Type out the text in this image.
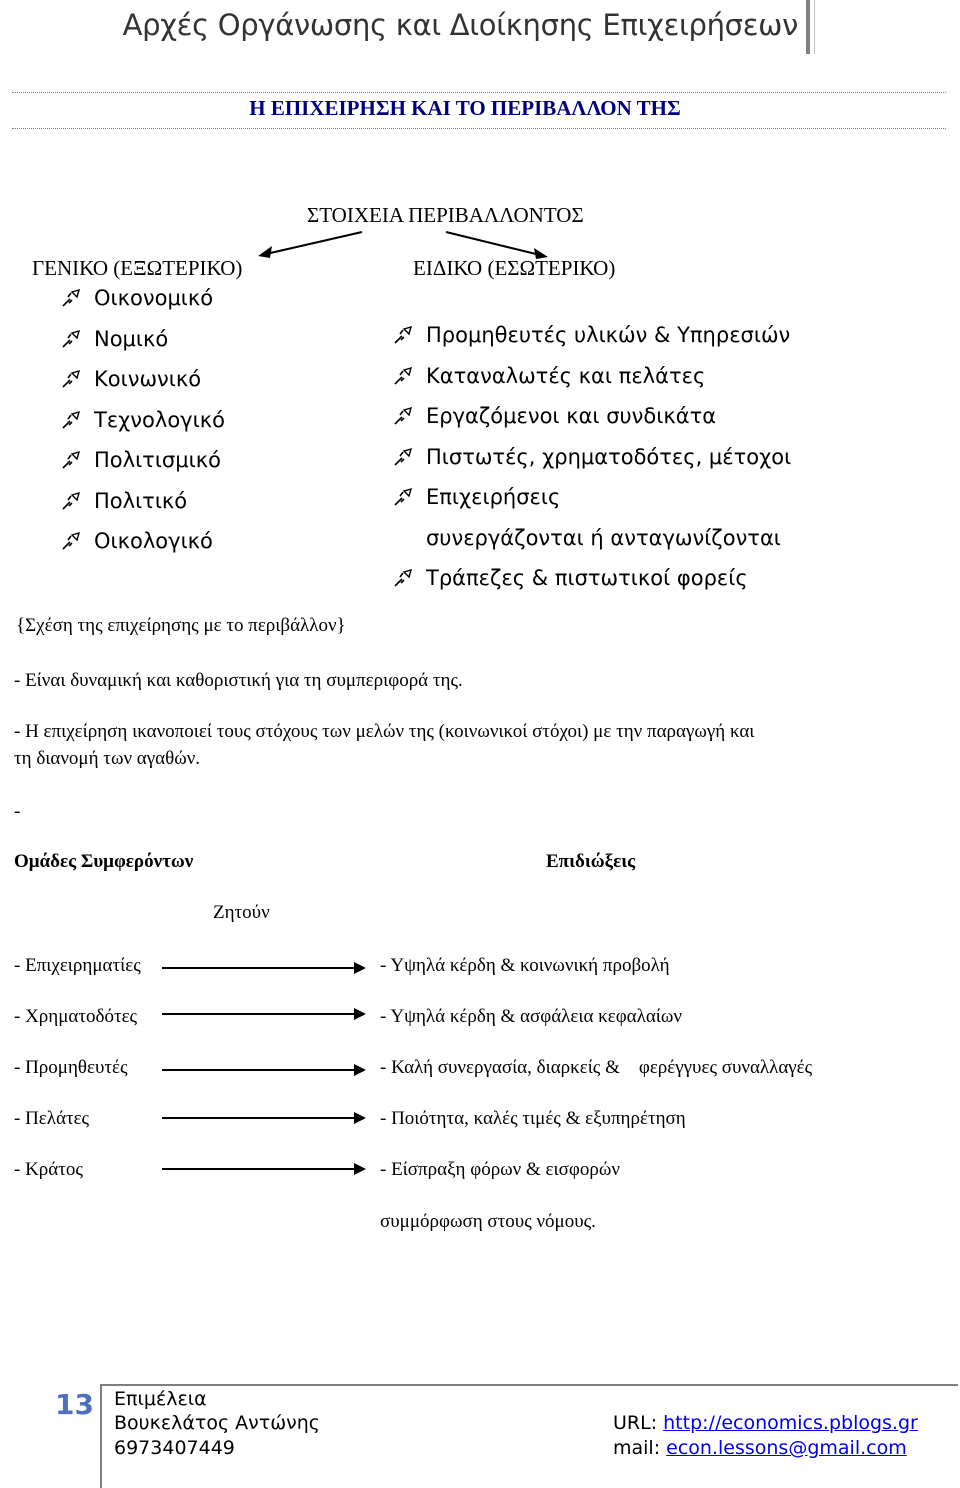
Αρχές Οργάνωσης και Διοίκησης Επιχειρήσεων
Η ΕΠΙΧΕΙΡΗΣΗ ΚΑΙ ΤΟ ΠΕΡΙΒΑΛΛΟΝ ΤΗΣ
ΣΤΟΙΧΕΙΑ ΠΕΡΙΒΑΛΛΟΝΤΟΣ
ΓΕΝΙΚΟ (ΕΞΩΤΕΡΙΚΟ)	ΕΙΔΙΚΟ (ΕΣΩΤΕΡΙΚΟ)
Οικονομικό
Νομικό
Κοινωνικό
Τεχνολογικό
Πολιτισμικό
Πολιτικό
Οικολογικό
Προμηθευτές υλικών & Υπηρεσιών
Καταναλωτές και πελάτες
Εργαζόμενοι και συνδικάτα
Πιστωτές, χρηματοδότες, μέτοχοι
Επιχειρήσεις
συνεργάζονται ή ανταγωνίζονται
Τράπεζες & πιστωτικοί φορείς
{Σχέση της επιχείρησης με το περιβάλλον}
- Είναι δυναμική και καθοριστική για τη συμπεριφορά της.
- Η επιχείρηση ικανοποιεί τους στόχους των μελών της (κοινωνικοί στόχοι) με την παραγωγή και
τη διανομή των αγαθών.
-
Ομάδες Συμφερόντων	Επιδιώξεις
Ζητούν
- Επιχειρηματίες	- Υψηλά κέρδη & κοινωνική προβολή
- Χρηματοδότες	- Υψηλά κέρδη & ασφάλεια κεφαλαίων
- Προμηθευτές	- Καλή συνεργασία, διαρκείς &    φερέγγυες συναλλαγές
- Πελάτες	- Ποιότητα, καλές τιμές & εξυπηρέτηση
- Κράτος	- Είσπραξη φόρων & εισφορών
συμμόρφωση στους νόμους.
13 Επιμέλεια
Βουκελάτος Αντώνης
6973407449
URL: http://economics.pblogs.gr
mail: econ.lessons@gmail.com
